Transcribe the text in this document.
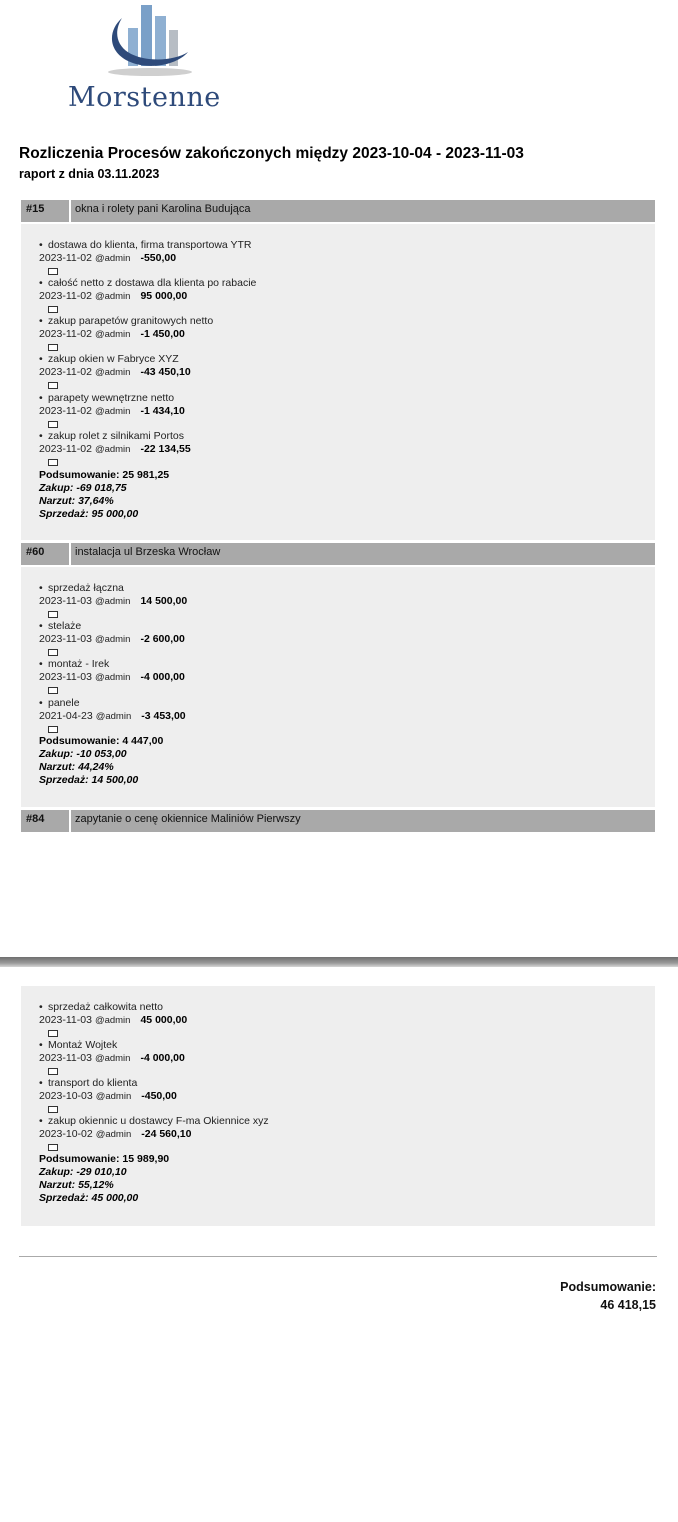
Morstenne
Rozliczenia Procesów zakończonych między 2023-10-04 - 2023-11-03
raport z dnia 03.11.2023
#15	okna i rolety pani Karolina Budująca
• dostawa do klienta, firma transportowa YTR
2023-11-02 @admin -550,00
• całość netto z dostawa dla klienta po rabacie
2023-11-02 @admin 95 000,00
• zakup parapetów granitowych netto
2023-11-02 @admin -1 450,00
• zakup okien w Fabryce XYZ
2023-11-02 @admin -43 450,10
• parapety wewnętrzne netto
2023-11-02 @admin -1 434,10
• zakup rolet z silnikami Portos
2023-11-02 @admin -22 134,55
Podsumowanie: 25 981,25
Zakup: -69 018,75
Narzut: 37,64%
Sprzedaż: 95 000,00
#60	instalacja ul Brzeska Wrocław
• sprzedaż łączna
2023-11-03 @admin 14 500,00
• stelaże
2023-11-03 @admin -2 600,00
• montaż - Irek
2023-11-03 @admin -4 000,00
• panele
2021-04-23 @admin -3 453,00
Podsumowanie: 4 447,00
Zakup: -10 053,00
Narzut: 44,24%
Sprzedaż: 14 500,00
#84	zapytanie o cenę okiennice Maliniów Pierwszy
• sprzedaż całkowita netto
2023-11-03 @admin 45 000,00
• Montaż Wojtek
2023-11-03 @admin -4 000,00
• transport do klienta
2023-10-03 @admin -450,00
• zakup okiennic u dostawcy F-ma Okiennice xyz
2023-10-02 @admin -24 560,10
Podsumowanie: 15 989,90
Zakup: -29 010,10
Narzut: 55,12%
Sprzedaż: 45 000,00
Podsumowanie:
46 418,15
